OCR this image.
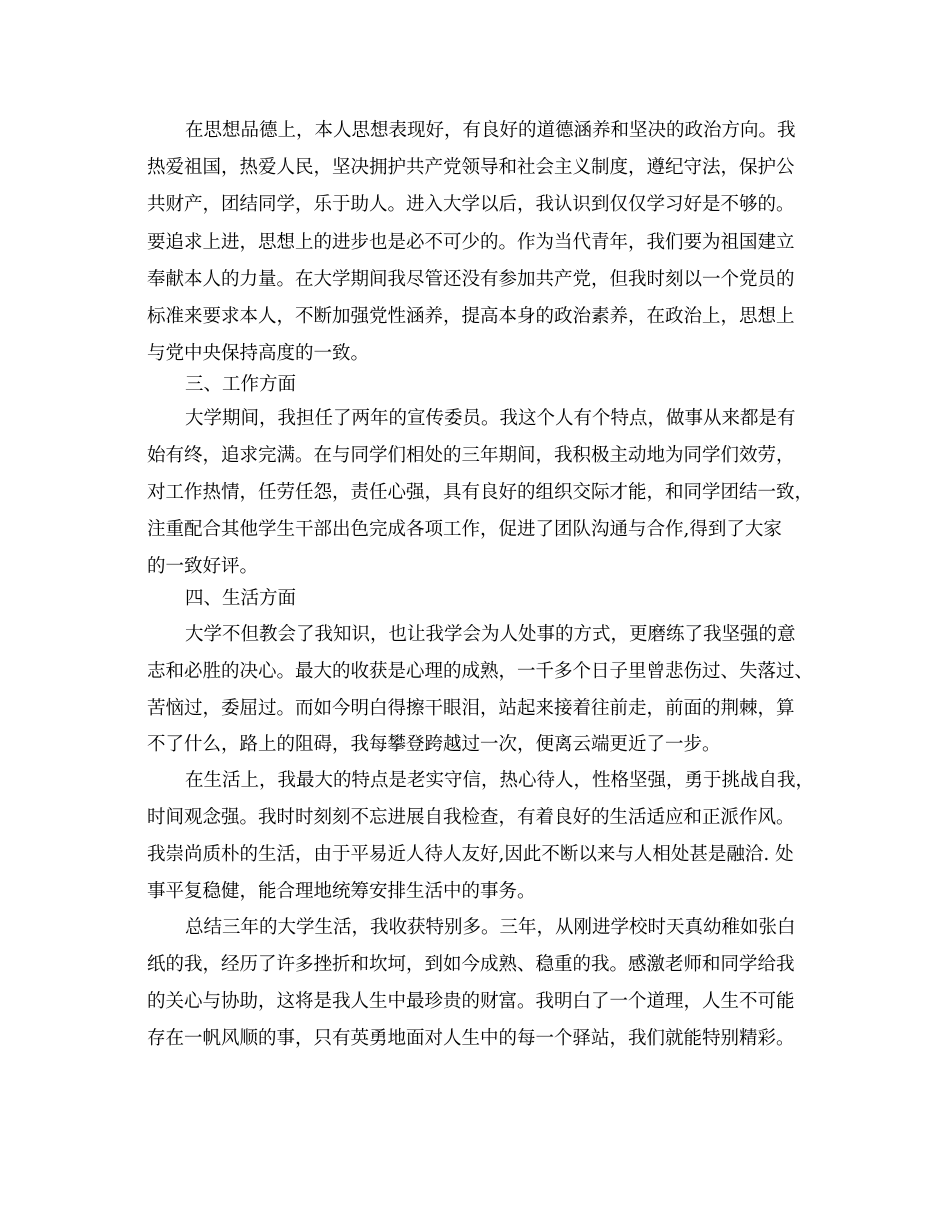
在思想品德上，本人思想表现好，有良好的道德涵养和坚决的政治方向。我
热爱祖国，热爱人民，坚决拥护共产党领导和社会主义制度，遵纪守法，保护公
共财产，团结同学，乐于助人。进入大学以后，我认识到仅仅学习好是不够的。
要追求上进，思想上的进步也是必不可少的。作为当代青年，我们要为祖国建立
奉献本人的力量。在大学期间我尽管还没有参加共产党，但我时刻以一个党员的
标准来要求本人，不断加强党性涵养，提高本身的政治素养，在政治上，思想上
与党中央保持高度的一致。
三、工作方面
大学期间，我担任了两年的宣传委员。我这个人有个特点，做事从来都是有
始有终，追求完满。在与同学们相处的三年期间，我积极主动地为同学们效劳，
对工作热情，任劳任怨，责任心强，具有良好的组织交际才能，和同学团结一致，
注重配合其他学生干部出色完成各项工作，促进了团队沟通与合作,得到了大家
的一致好评。
四、生活方面
大学不但教会了我知识，也让我学会为人处事的方式，更磨练了我坚强的意
志和必胜的决心。最大的收获是心理的成熟，一千多个日子里曾悲伤过、失落过、
苦恼过，委屈过。而如今明白得擦干眼泪，站起来接着往前走，前面的荆棘，算
不了什么，路上的阻碍，我每攀登跨越过一次，便离云端更近了一步。
在生活上，我最大的特点是老实守信，热心待人，性格坚强，勇于挑战自我，
时间观念强。我时时刻刻不忘进展自我检查，有着良好的生活适应和正派作风。
我崇尚质朴的生活，由于平易近人待人友好,因此不断以来与人相处甚是融洽. 处
事平复稳健，能合理地统筹安排生活中的事务。
总结三年的大学生活，我收获特别多。三年，从刚进学校时天真幼稚如张白
纸的我，经历了许多挫折和坎坷，到如今成熟、稳重的我。感激老师和同学给我
的关心与协助，这将是我人生中最珍贵的财富。我明白了一个道理，人生不可能
存在一帆风顺的事，只有英勇地面对人生中的每一个驿站，我们就能特别精彩。
